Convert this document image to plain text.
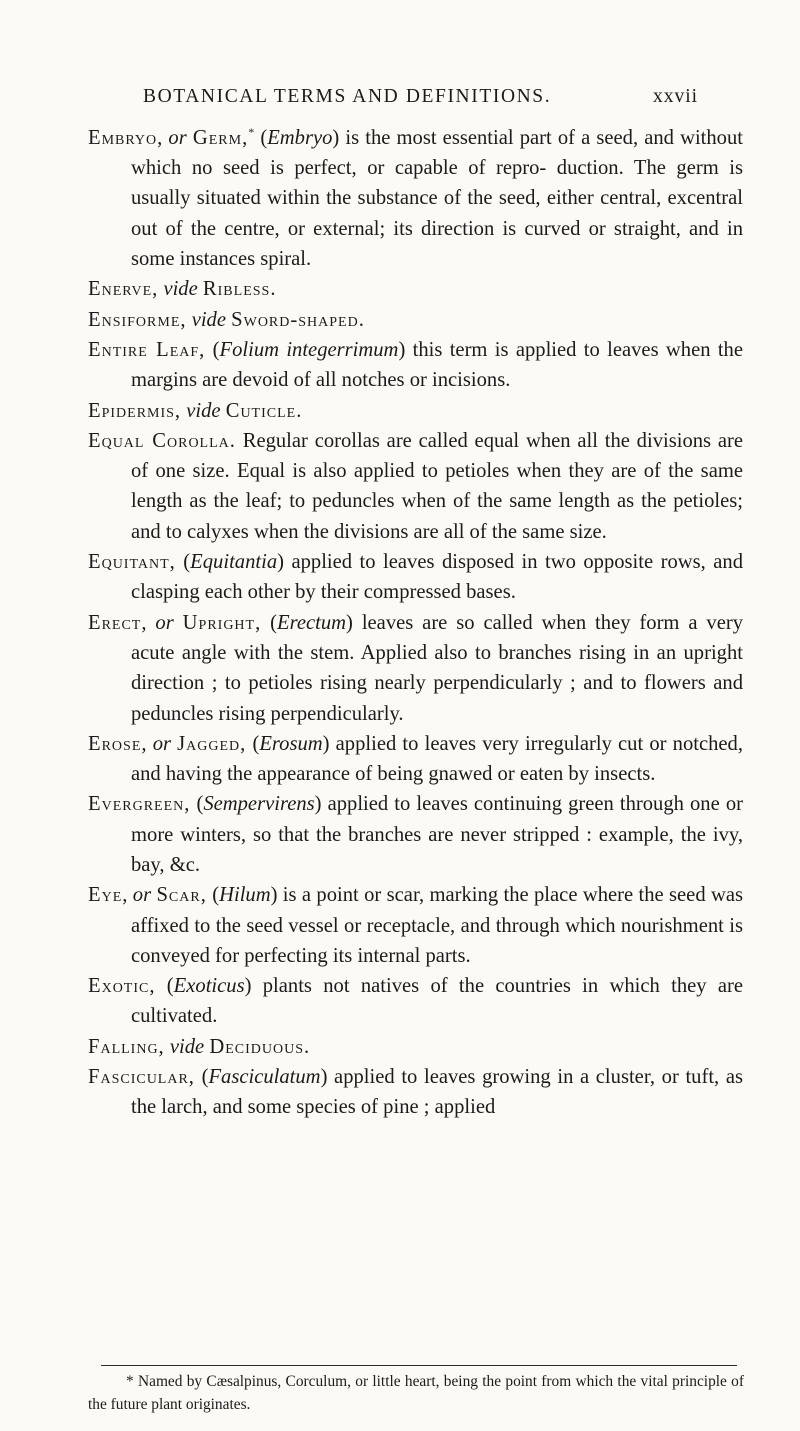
BOTANICAL TERMS AND DEFINITIONS.	xxvii

Embryo, or Germ,* (Embryo) is the most essential part of a seed, and without which no seed is perfect, or capable of repro- duction. The germ is usually situated within the substance of the seed, either central, excentral out of the centre, or external; its direction is curved or straight, and in some instances spiral.

Enerve, vide Ribless.

Ensiforme, vide Sword-shaped.

Entire Leaf, (Folium integerrimum) this term is applied to leaves when the margins are devoid of all notches or incisions.

Epidermis, vide Cuticle.

Equal Corolla. Regular corollas are called equal when all the divisions are of one size. Equal is also applied to petioles when they are of the same length as the leaf; to peduncles when of the same length as the petioles; and to calyxes when the divisions are all of the same size.

Equitant, (Equitantia) applied to leaves disposed in two opposite rows, and clasping each other by their compressed bases.

Erect, or Upright, (Erectum) leaves are so called when they form a very acute angle with the stem. Applied also to branches rising in an upright direction ; to petioles rising nearly perpendicularly ; and to flowers and peduncles rising perpendicularly.

Erose, or Jagged, (Erosum) applied to leaves very irregularly cut or notched, and having the appearance of being gnawed or eaten by insects.

Evergreen, (Sempervirens) applied to leaves continuing green through one or more winters, so that the branches are never stripped : example, the ivy, bay, &c.

Eye, or Scar, (Hilum) is a point or scar, marking the place where the seed was affixed to the seed vessel or receptacle, and through which nourishment is conveyed for perfecting its internal parts.

Exotic, (Exoticus) plants not natives of the countries in which they are cultivated.

Falling, vide Deciduous.

Fascicular, (Fasciculatum) applied to leaves growing in a cluster, or tuft, as the larch, and some species of pine ; applied

* Named by Cæsalpinus, Corculum, or little heart, being the point from which the vital principle of the future plant originates.
